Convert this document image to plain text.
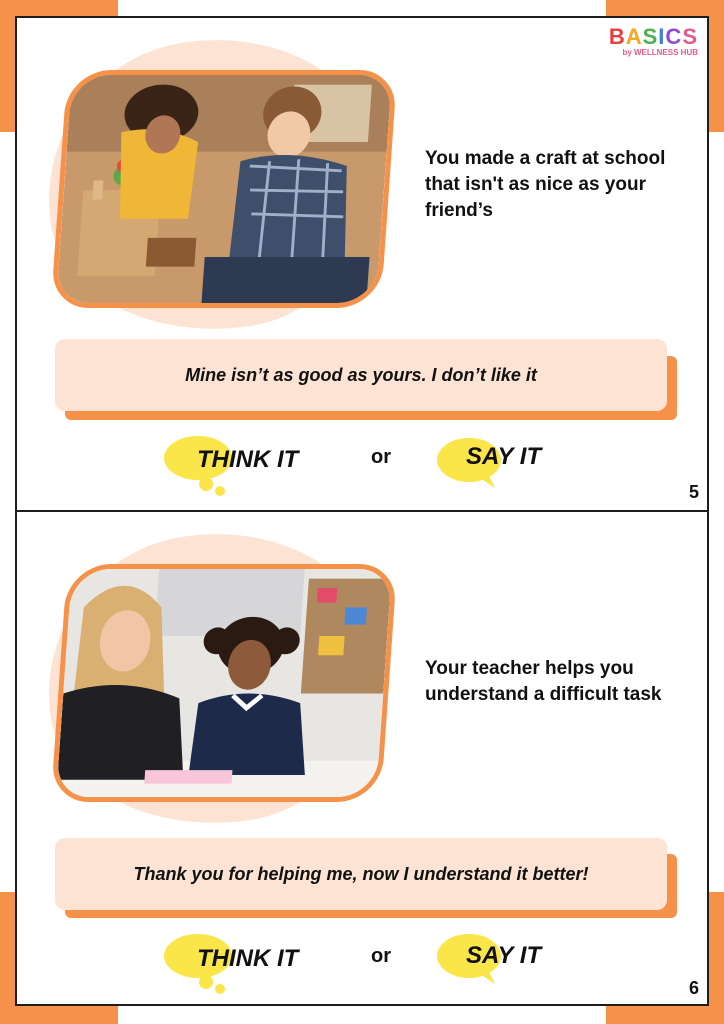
BASICS
by WELLNESS HUB
You made a craft at school that isn't as nice as your friend’s
Mine isn’t as good as yours. I don’t like it
THINK IT	or	SAY IT
5
Your teacher helps you understand a difficult task
Thank you for helping me, now I understand it better!
THINK IT	or	SAY IT
6
